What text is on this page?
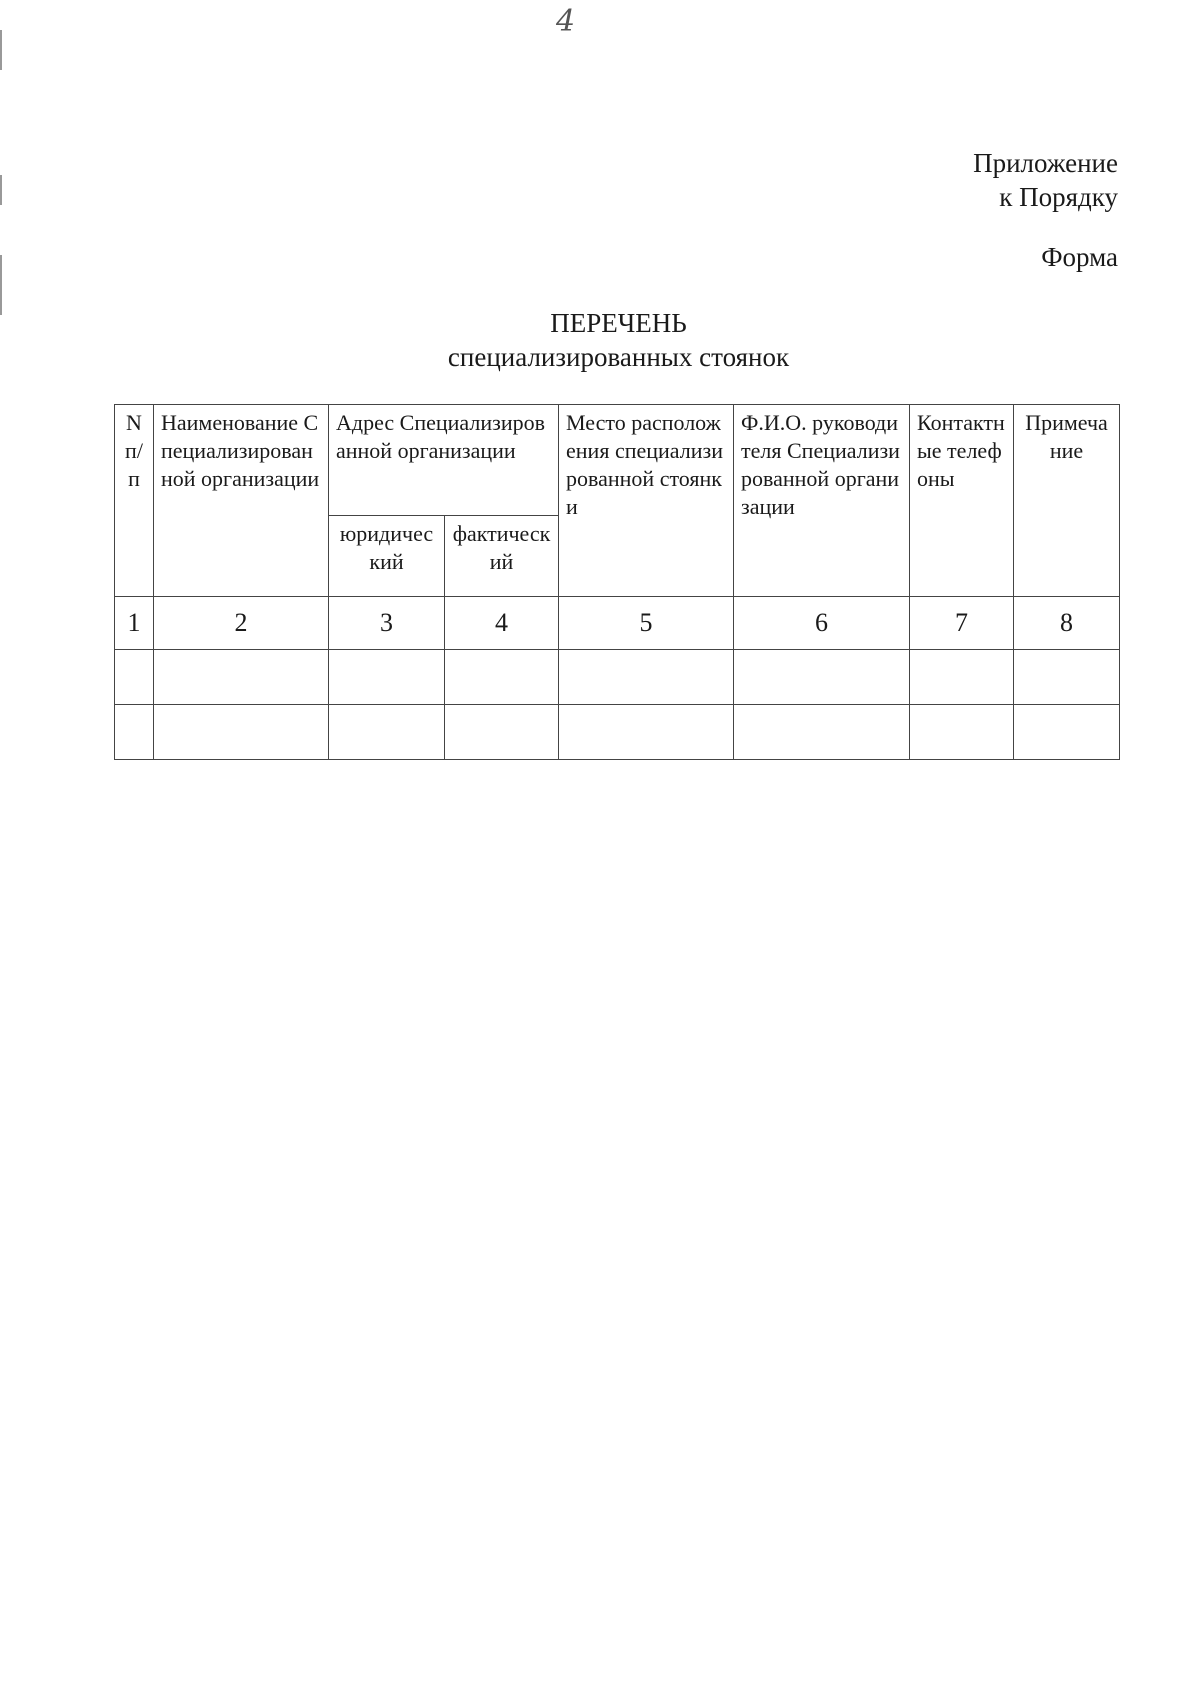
4
Приложение
к Порядку
Форма
ПЕРЕЧЕНЬ
специализированных стоянок
N п/п	Наименование Специализированной организации	Адрес Специализированной организации		Место расположения специализированной стоянки	Ф.И.О. руководителя Специализированной организации	Контактные телефоны	Примечание
		юридический	фактический				
1	2	3	4	5	6	7	8
